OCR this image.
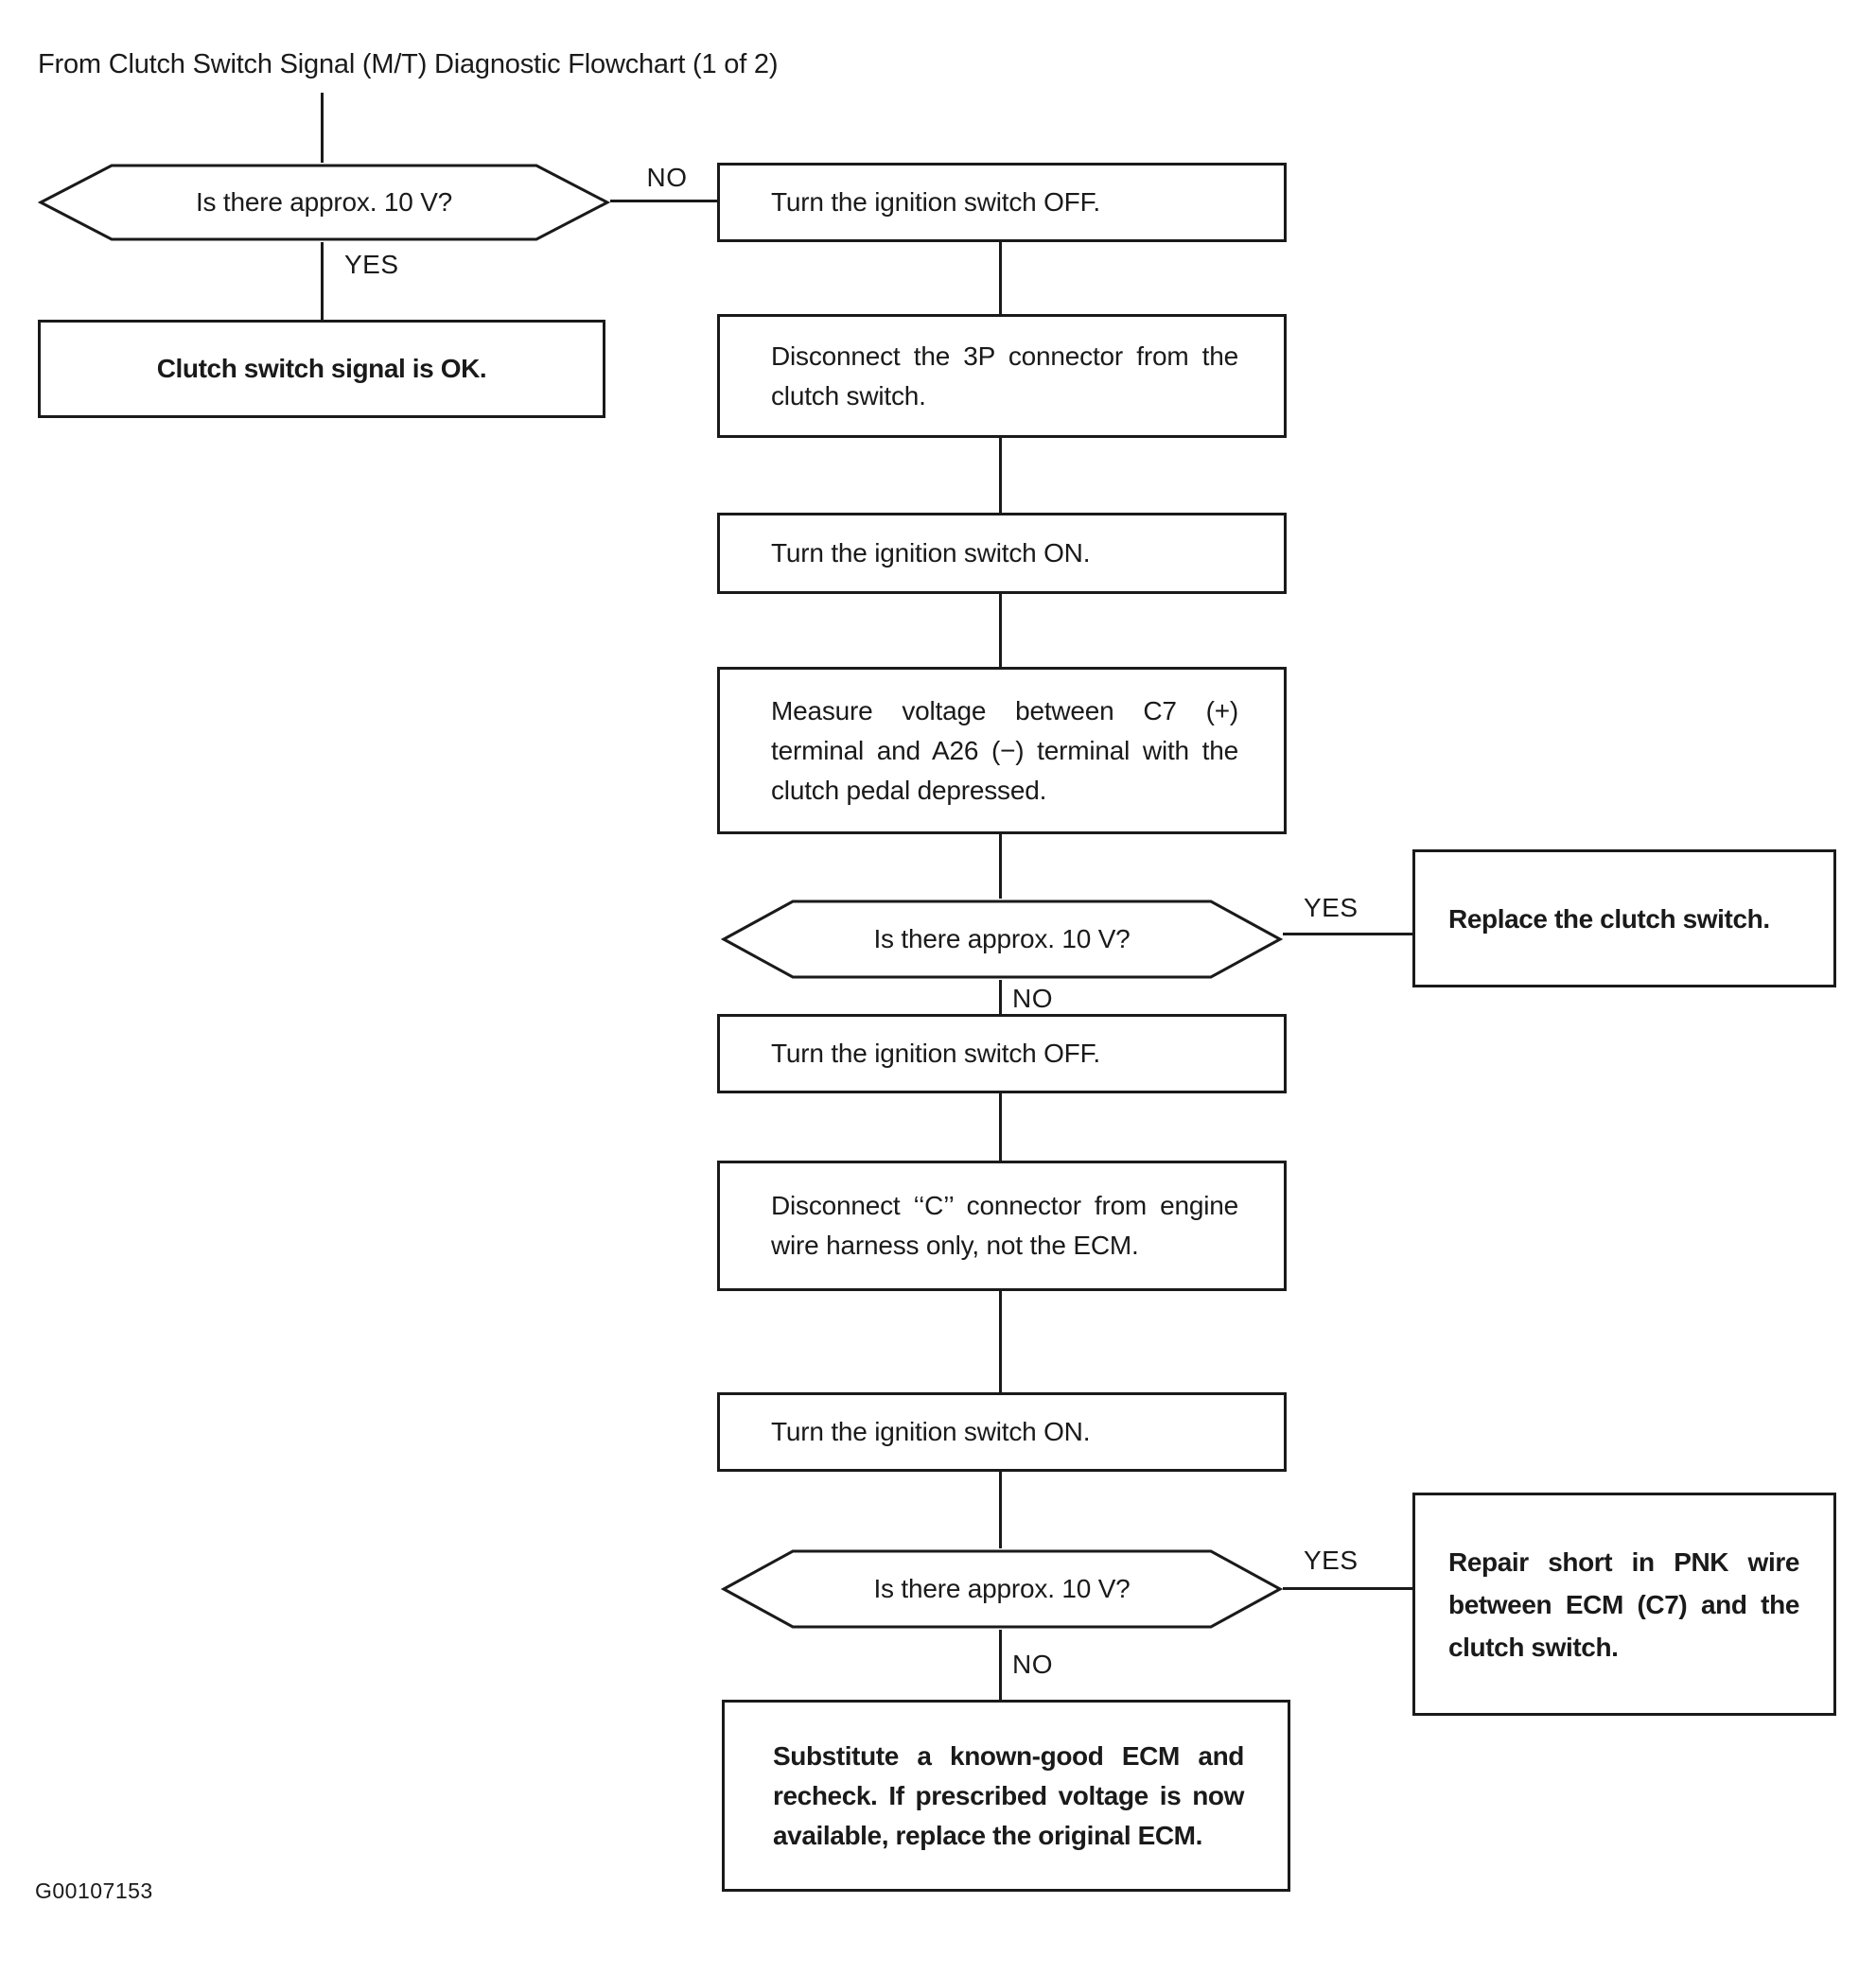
From Clutch Switch Signal (M/T) Diagnostic Flowchart (1 of 2)
Is there approx. 10 V?
NO
YES
Clutch switch signal is OK.
Turn the ignition switch OFF.
Disconnect the 3P connector from the clutch switch.
Turn the ignition switch ON.
Measure voltage between C7 (+) terminal and A26 (−) terminal with the clutch pedal depressed.
Is there approx. 10 V?
YES	Replace the clutch switch.
NO
Turn the ignition switch OFF.
Disconnect ‘‘C’’ connector from engine wire harness only, not the ECM.
Turn the ignition switch ON.
Is there approx. 10 V?
YES	Repair short in PNK wire between ECM (C7) and the clutch switch.
NO
Substitute a known-good ECM and recheck. If prescribed voltage is now available, replace the original ECM.
G00107153
